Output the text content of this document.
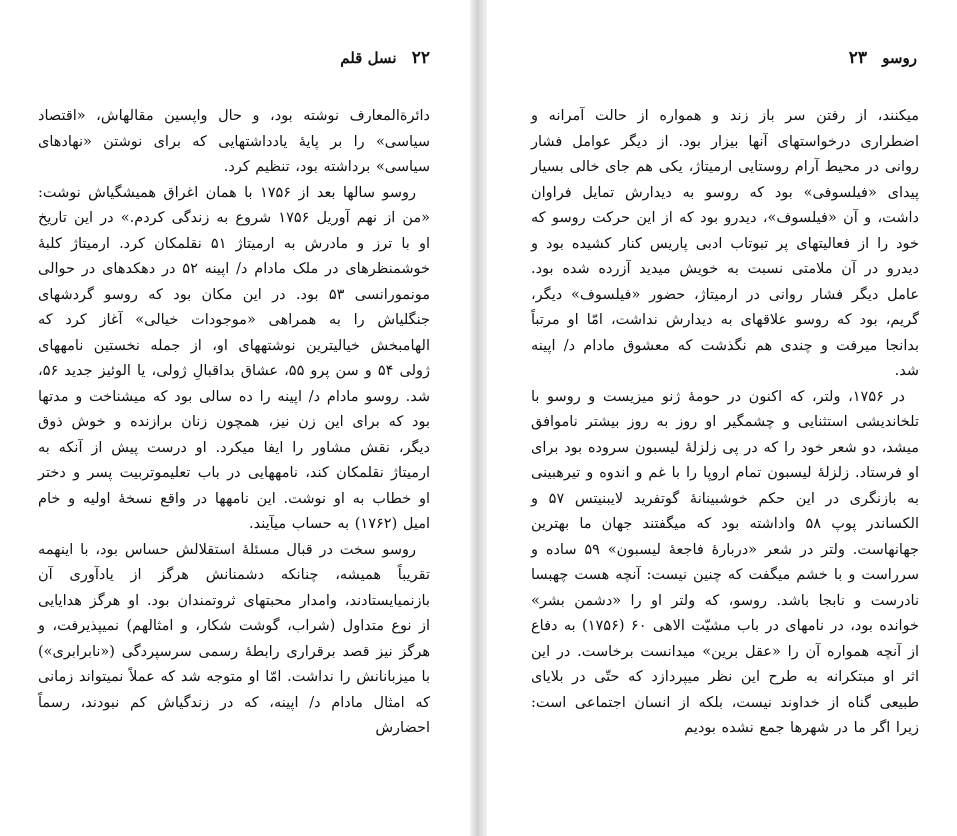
۲۲ نسل قلم

دائرةالمعارف نوشته بود، و حال واپسین مقالهاش، «اقتصاد سیاسی» را بر پایهٔ یادداشتهایی که برای نوشتن «نهادهای سیاسی» برداشته بود، تنظیم کرد.

روسو سالها بعد از ۱۷۵۶ با همان اغراق همیشگیاش نوشت: «من از نهم آوریل ۱۷۵۶ شروع به زندگی کردم.» در این تاریخ او با ترز و مادرش به ارمیتاژ ۵۱ نقلمکان کرد. ارمیتاژ کلبهٔ خوشمنظرهای در ملک مادام د/ اپینه ۵۲ در دهکدهای در حوالی مونمورانسی ۵۳ بود. در این مکان بود که روسو گردشهای جنگلیاش را به همراهی «موجودات خیالی» آغاز کرد که الهامبخش خیالیترین نوشتههای او، از جمله نخستین نامههای ژولی ۵۴ و سن پرو ۵۵، عشاق بداقبالِ ژولی، یا الوئیز جدید ۵۶، شد. روسو مادام د/ اپینه را ده سالی بود که میشناخت و مدتها بود که برای این زن نیز، همچون زنان برازنده و خوش ذوق دیگر، نقش مشاور را ایفا میکرد. او درست پیش از آنکه به ارمیتاژ نقلمکان کند، نامههایی در باب تعلیموتربیت پسر و دختر او خطاب به او نوشت. این نامهها در واقع نسخهٔ اولیه و خام امیل (۱۷۶۲) به حساب میآیند.

روسو سخت در قبال مسئلهٔ استقلالش حساس بود، با اینهمه تقریباً همیشه، چنانکه دشمنانش هرگز از یادآوری آن بازنمیایستادند، وامدار محبتهای ثروتمندان بود. او هرگز هدایایی از نوع متداول (شراب، گوشت شکار، و امثالهم) نمیپذیرفت، و هرگز نیز قصد برقراری رابطهٔ رسمی سرسپردگی («نابرابری») با میزبانانش را نداشت. امّا او متوجه شد که عملاً نمیتواند زمانی که امثال مادام د/ اپینه، که در زندگیاش کم نبودند، رسماً احضارش

روسو ۲۳

میکنند، از رفتن سر باز زند و همواره از حالت آمرانه و اضطراری درخواستهای آنها بیزار بود. از دیگر عوامل فشار روانی در محیط آرام روستایی ارمیتاژ، یکی هم جای خالی بسیار پیدای «فیلسوفی» بود که روسو به دیدارش تمایل فراوان داشت، و آن «فیلسوف»، دیدرو بود که از این حرکت روسو که خود را از فعالیتهای پر تبوتاب ادبی پاریس کنار کشیده بود و دیدرو در آن ملامتی نسبت به خویش میدید آزرده شده بود. عامل دیگر فشار روانی در ارمیتاژ، حضور «فیلسوف» دیگر، گریم، بود که روسو علاقهای به دیدارش نداشت، امّا او مرتباً بدانجا میرفت و چندی هم نگذشت که معشوق مادام د/ اپینه شد.

در ۱۷۵۶، ولتر، که اکنون در حومهٔ ژنو میزیست و روسو با تلخاندیشی استثنایی و چشمگیر او روز به روز بیشتر ناموافق میشد، دو شعر خود را که در پی زلزلهٔ لیسبون سروده بود برای او فرستاد. زلزلهٔ لیسبون تمام اروپا را با غم و اندوه و تیرهبینی به بازنگری در این حکم خوشبینانهٔ گوتفرید لایبنیتس ۵۷ و الکساندر پوپ ۵۸ واداشته بود که میگفتند جهان ما بهترین جهانهاست. ولتر در شعر «دربارهٔ فاجعهٔ لیسبون» ۵۹ ساده و سرراست و با خشم میگفت که چنین نیست: آنچه هست چهبسا نادرست و نابجا باشد. روسو، که ولتر او را «دشمن بشر» خوانده بود، در نامهای در باب مشیّت الاهی ۶۰ (۱۷۵۶) به دفاع از آنچه همواره آن را «عقل برین» میدانست برخاست. در این اثر او مبتکرانه به طرح این نظر میپردازد که حتّی در بلایای طبیعی گناه از خداوند نیست، بلکه از انسان اجتماعی است: زیرا اگر ما در شهرها جمع نشده بودیم
